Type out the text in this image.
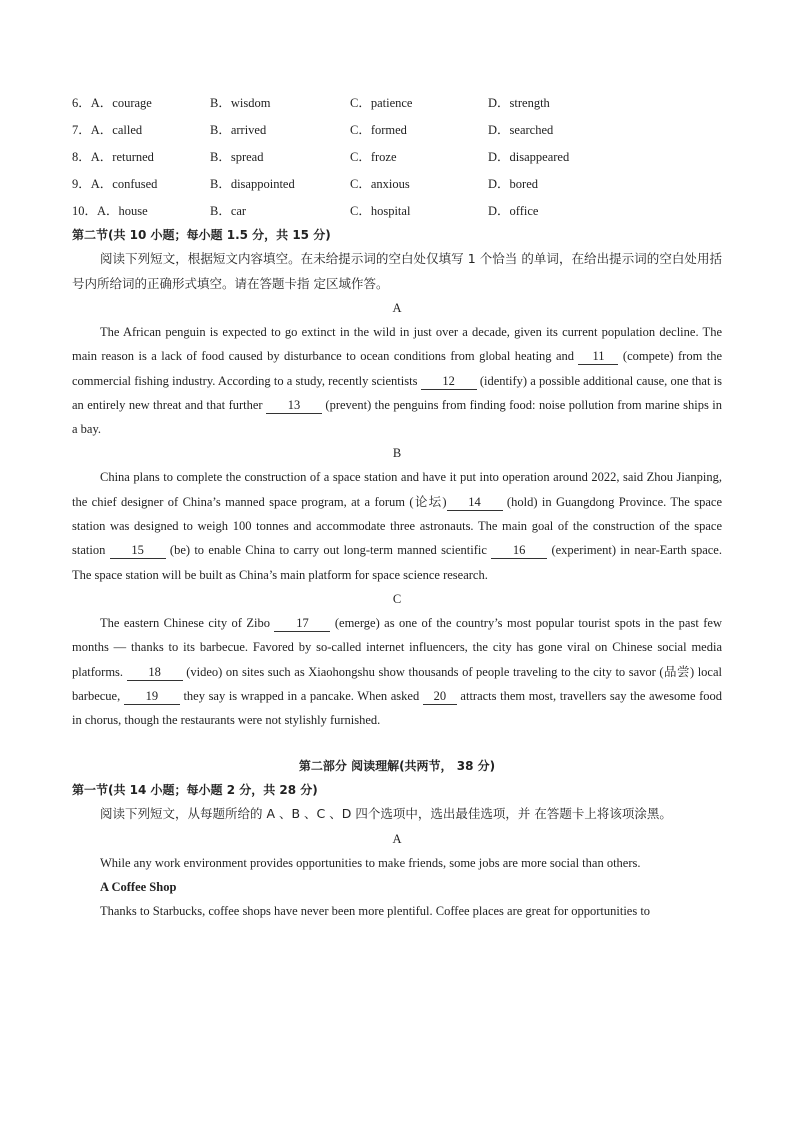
6．A．courage	B．wisdom	C．patience	D．strength
7．A．called	B．arrived	C．formed	D．searched
8．A．returned	B．spread	C．froze	D．disappeared
9．A．confused	B．disappointed	C．anxious	D．bored
10．A．house	B．car	C．hospital	D．office
第二节(共 10 小题；每小题 1.5 分，共 15 分)

阅读下列短文，根据短文内容填空。在未给提示词的空白处仅填写 1 个恰当 的单词，在给出提示词的空白处用括号内所给词的正确形式填空。请在答题卡指 定区域作答。

A

The African penguin is expected to go extinct in the wild in just over a decade, given its current population decline. The main reason is a lack of food caused by disturbance to ocean conditions from global heating and 11 (compete) from the commercial fishing industry. According to a study, recently scientists 12 (identify) a possible additional cause, one that is an entirely new threat and that further 13 (prevent) the penguins from finding food: noise pollution from marine ships in a bay.

B

China plans to complete the construction of a space station and have it put into operation around 2022, said Zhou Jianping, the chief designer of China’s manned space program, at a forum (论坛) 14 (hold) in Guangdong Province. The space station was designed to weigh 100 tonnes and accommodate three astronauts. The main goal of the construction of the space station 15 (be) to enable China to carry out long-term manned scientific 16 (experiment) in near-Earth space. The space station will be built as China’s main platform for space science research.

C

The eastern Chinese city of Zibo 17 (emerge) as one of the country’s most popular tourist spots in the past few months — thanks to its barbecue. Favored by so-called internet influencers, the city has gone viral on Chinese social media platforms. 18 (video) on sites such as Xiaohongshu show thousands of people traveling to the city to savor (品尝) local barbecue, 19 they say is wrapped in a pancake. When asked 20 attracts them most, travellers say the awesome food in chorus, though the restaurants were not stylishly furnished.

第二部分 阅读理解(共两节， 38 分)
第一节(共 14 小题；每小题 2 分，共 28 分)

阅读下列短文，从每题所给的 A 、B 、C 、D 四个选项中，选出最佳选项，并 在答题卡上将该项涂黑。

A

While any work environment provides opportunities to make friends, some jobs are more social than others.

A Coffee Shop

Thanks to Starbucks, coffee shops have never been more plentiful. Coffee places are great for opportunities to
